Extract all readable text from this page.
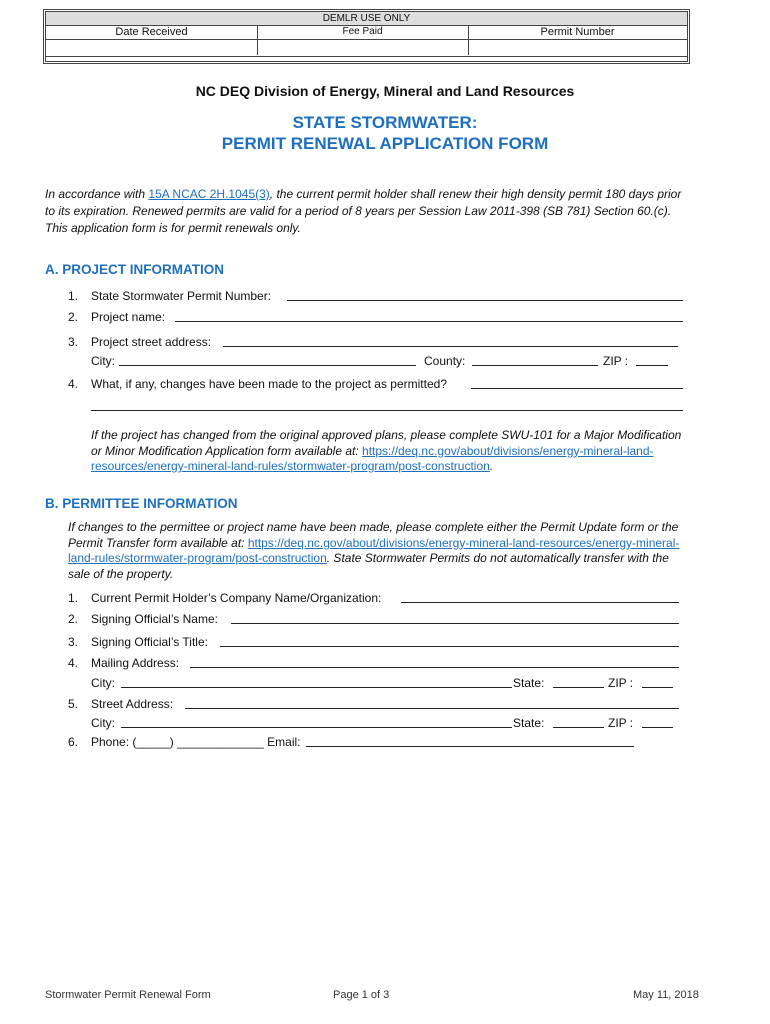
DEMLR USE ONLY
Date Received	Fee Paid	Permit Number
NC DEQ Division of Energy, Mineral and Land Resources
STATE STORMWATER:
PERMIT RENEWAL APPLICATION FORM
In accordance with 15A NCAC 2H.1045(3), the current permit holder shall renew their high density permit 180 days prior to its expiration. Renewed permits are valid for a period of 8 years per Session Law 2011-398 (SB 781) Section 60.(c). This application form is for permit renewals only.
A. PROJECT INFORMATION
1. State Stormwater Permit Number:
2. Project name:
3. Project street address:
City:	County:	ZIP :
4. What, if any, changes have been made to the project as permitted?
If the project has changed from the original approved plans, please complete SWU-101 for a Major Modification or Minor Modification Application form available at: https://deq.nc.gov/about/divisions/energy-mineral-land-resources/energy-mineral-land-rules/stormwater-program/post-construction.
B. PERMITTEE INFORMATION
If changes to the permittee or project name have been made, please complete either the Permit Update form or the Permit Transfer form available at: https://deq.nc.gov/about/divisions/energy-mineral-land-resources/energy-mineral-land-rules/stormwater-program/post-construction. State Stormwater Permits do not automatically transfer with the sale of the property.
1. Current Permit Holder’s Company Name/Organization:
2. Signing Official’s Name:
3. Signing Official’s Title:
4. Mailing Address:
City:	State:	ZIP :
5. Street Address:
City:	State:	ZIP :
6. Phone: (_____) _____________ Email:
Stormwater Permit Renewal Form	Page 1 of 3	May 11, 2018
